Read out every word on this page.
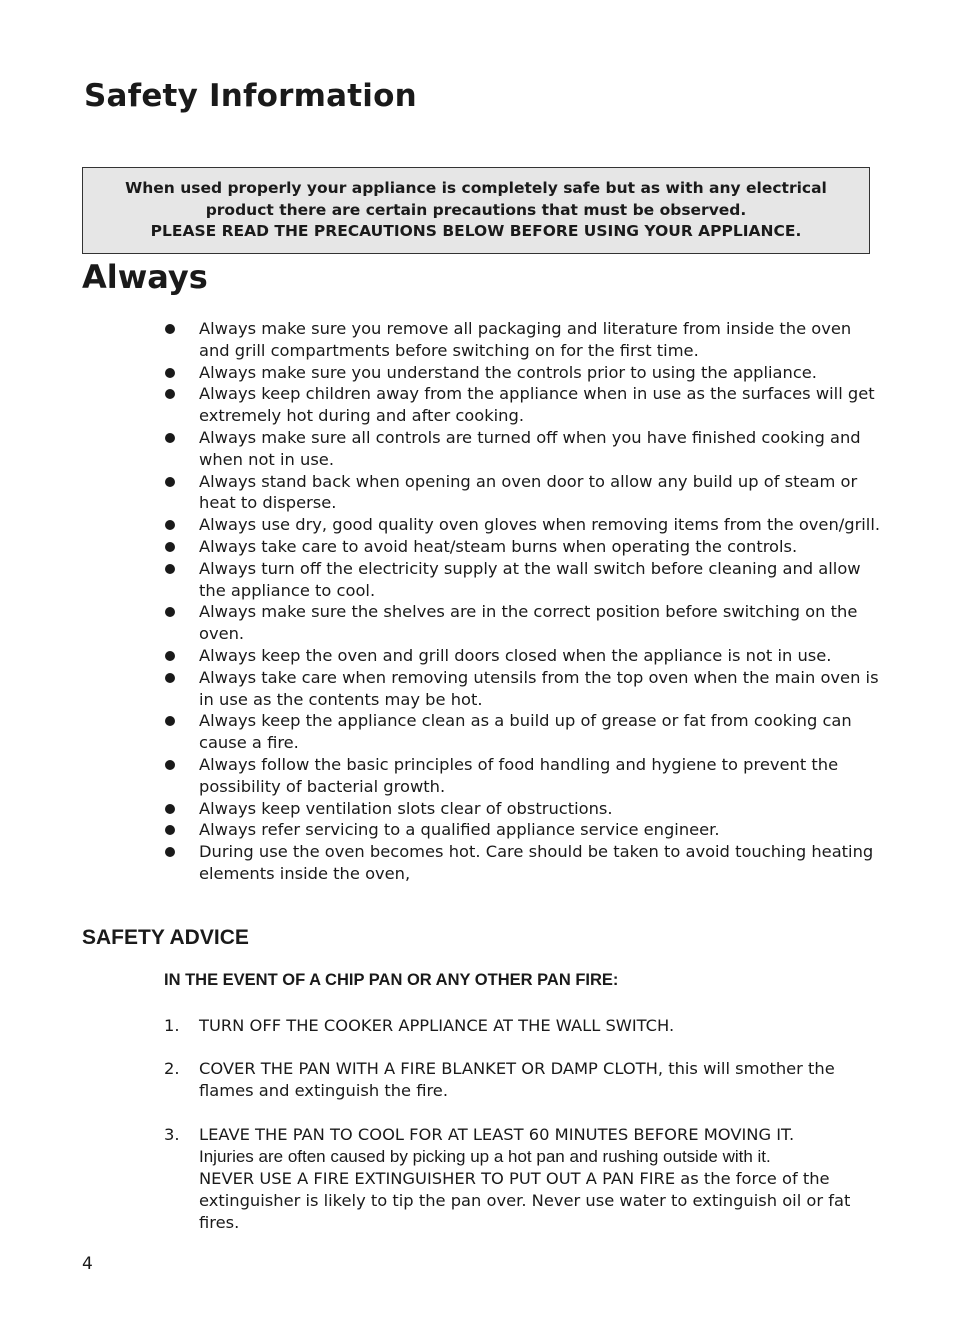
Safety Information
When used properly your appliance is completely safe but as with any electrical
product there are certain precautions that must be observed.
PLEASE READ THE PRECAUTIONS BELOW BEFORE USING YOUR APPLIANCE.
Always
Always make sure you remove all packaging and literature from inside the oven and grill compartments before switching on for the first time.
Always make sure you understand the controls prior to using the appliance.
Always keep children away from the appliance when in use as the surfaces will get extremely hot during and after cooking.
Always make sure all controls are turned off when you have finished cooking and when not in use.
Always stand back when opening an oven door to allow any build up of steam or heat to disperse.
Always use dry, good quality oven gloves when removing items from the oven/grill.
Always take care to avoid heat/steam burns when operating the controls.
Always turn off the electricity supply at the wall switch before cleaning and allow the appliance to cool.
Always make sure the shelves are in the correct position before switching on the oven.
Always keep the oven and grill doors closed when the appliance is not in use.
Always take care when removing utensils from the top oven when the main oven is in use as the contents may be hot.
Always keep the appliance clean as a build up of grease or fat from cooking can cause a fire.
Always follow the basic principles of food handling and hygiene to prevent the possibility of bacterial growth.
Always keep ventilation slots clear of obstructions.
Always refer servicing to a qualified appliance service engineer.
During use the oven becomes hot. Care should be taken to avoid touching heating elements inside the oven,
SAFETY ADVICE

IN THE EVENT OF A CHIP PAN OR ANY OTHER PAN FIRE:

1. TURN OFF THE COOKER APPLIANCE AT THE WALL SWITCH.
2. COVER THE PAN WITH A FIRE BLANKET OR DAMP CLOTH, this will smother the flames and extinguish the fire.
3. LEAVE THE PAN TO COOL FOR AT LEAST 60 MINUTES BEFORE MOVING IT.
Injuries are often caused by picking up a hot pan and rushing outside with it.
NEVER USE A FIRE EXTINGUISHER TO PUT OUT A PAN FIRE as the force of the extinguisher is likely to tip the pan over. Never use water to extinguish oil or fat fires.
4
